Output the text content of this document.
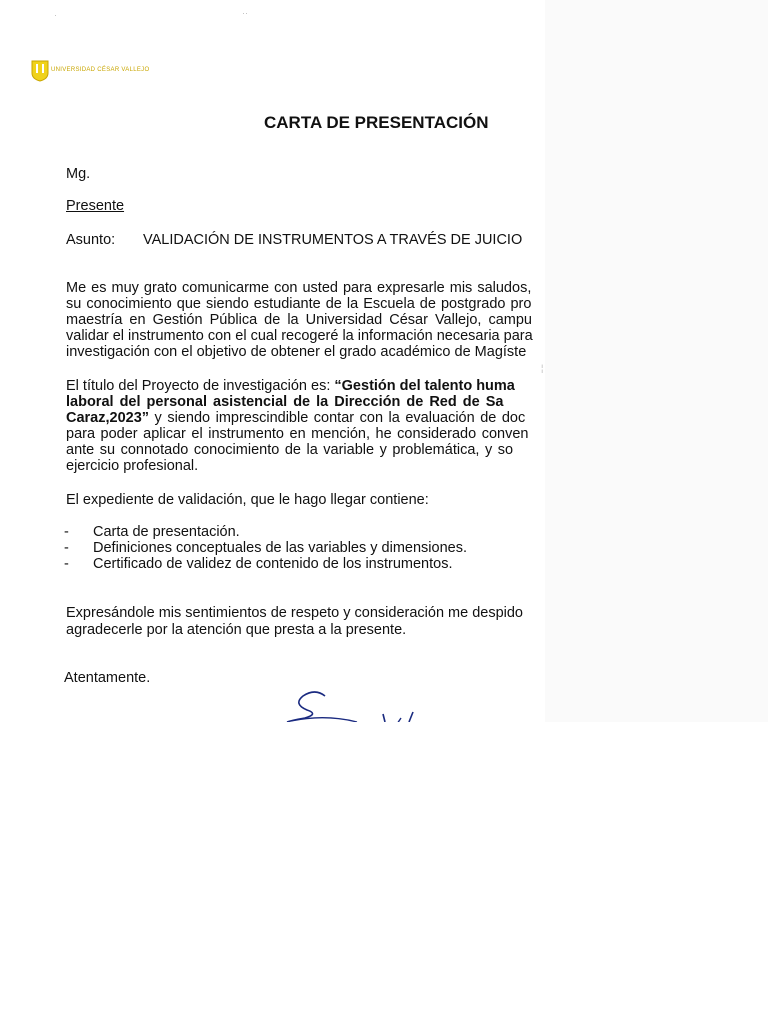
UNIVERSIDAD CÉSAR VALLEJO
CARTA DE PRESENTACIÓN
Mg.
Presente
Asunto: VALIDACIÓN DE INSTRUMENTOS A TRAVÉS DE JUICIO
Me es muy grato comunicarme con usted para expresarle mis saludos,
su conocimiento que siendo estudiante de la Escuela de postgrado pro
maestría en Gestión Pública de la Universidad César Vallejo, campu
validar el instrumento con el cual recogeré la información necesaria para
investigación con el objetivo de obtener el grado académico de Magíste
El título del Proyecto de investigación es: “Gestión del talento huma
laboral del personal asistencial de la Dirección de Red de Sa
Caraz,2023” y siendo imprescindible contar con la evaluación de doc
para poder aplicar el instrumento en mención, he considerado conven
ante su connotado conocimiento de la variable y problemática, y so
ejercicio profesional.
El expediente de validación, que le hago llegar contiene:
- Carta de presentación.
- Definiciones conceptuales de las variables y dimensiones.
- Certificado de validez de contenido de los instrumentos.
Expresándole mis sentimientos de respeto y consideración me despido
agradecerle por la atención que presta a la presente.
Atentamente.
·	··
¦
